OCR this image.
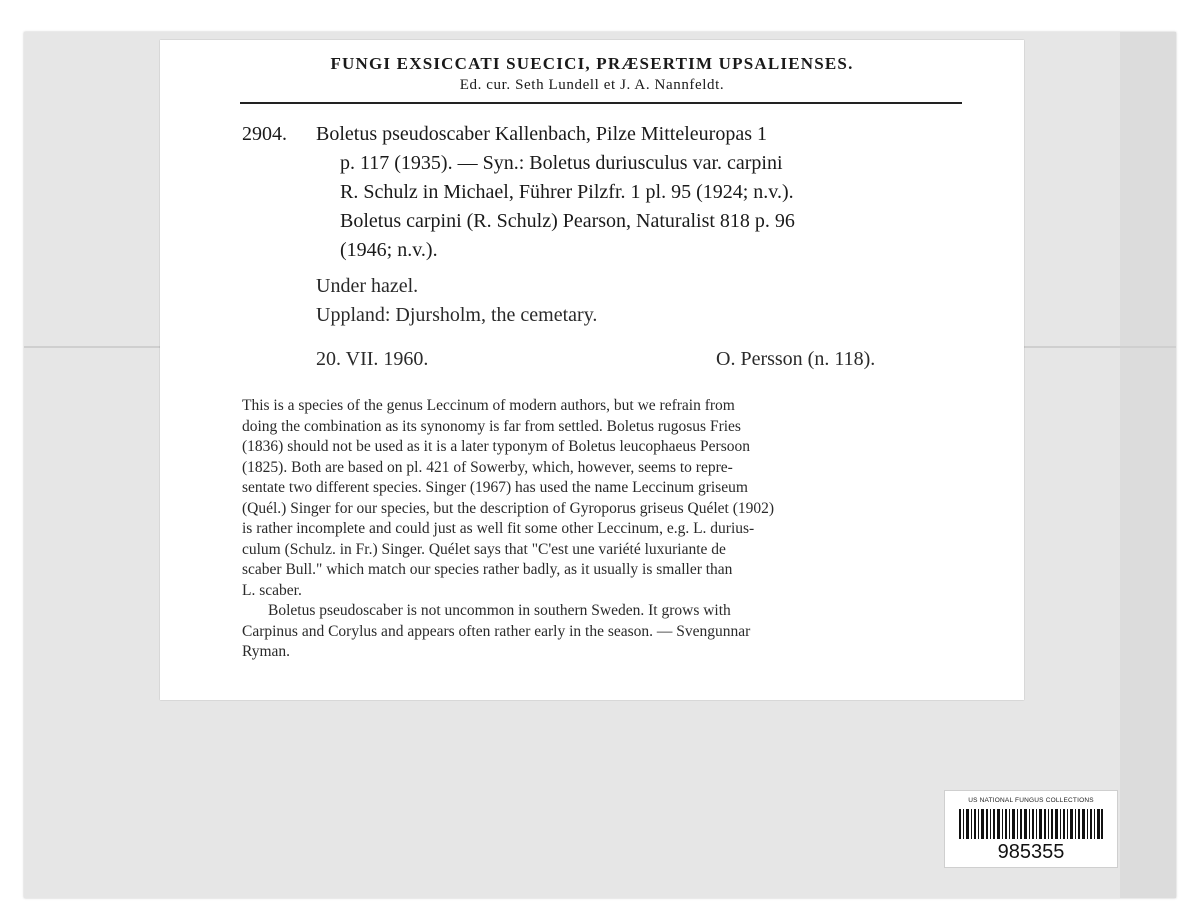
FUNGI EXSICCATI SUECICI, PRÆSERTIM UPSALIENSES.
Ed. cur. Seth Lundell et J. A. Nannfeldt.
2904. Boletus pseudoscaber Kallenbach, Pilze Mitteleuropas 1
p. 117 (1935). — Syn.: Boletus duriusculus var. carpini
R. Schulz in Michael, Führer Pilzfr. 1 pl. 95 (1924; n.v.).
Boletus carpini (R. Schulz) Pearson, Naturalist 818 p. 96
(1946; n.v.).
Under hazel.
Uppland: Djursholm, the cemetary.
20. VII. 1960.	O. Persson (n. 118).
This is a species of the genus Leccinum of modern authors, but we refrain from
doing the combination as its synonomy is far from settled. Boletus rugosus Fries
(1836) should not be used as it is a later typonym of Boletus leucophaeus Persoon
(1825). Both are based on pl. 421 of Sowerby, which, however, seems to repre-
sentate two different species. Singer (1967) has used the name Leccinum griseum
(Quél.) Singer for our species, but the description of Gyroporus griseus Quélet (1902)
is rather incomplete and could just as well fit some other Leccinum, e.g. L. durius-
culum (Schulz. in Fr.) Singer. Quélet says that "C'est une variété luxuriante de
scaber Bull." which match our species rather badly, as it usually is smaller than
L. scaber.
Boletus pseudoscaber is not uncommon in southern Sweden. It grows with
Carpinus and Corylus and appears often rather early in the season. — Svengunnar
Ryman.
US NATIONAL FUNGUS COLLECTIONS
985355
